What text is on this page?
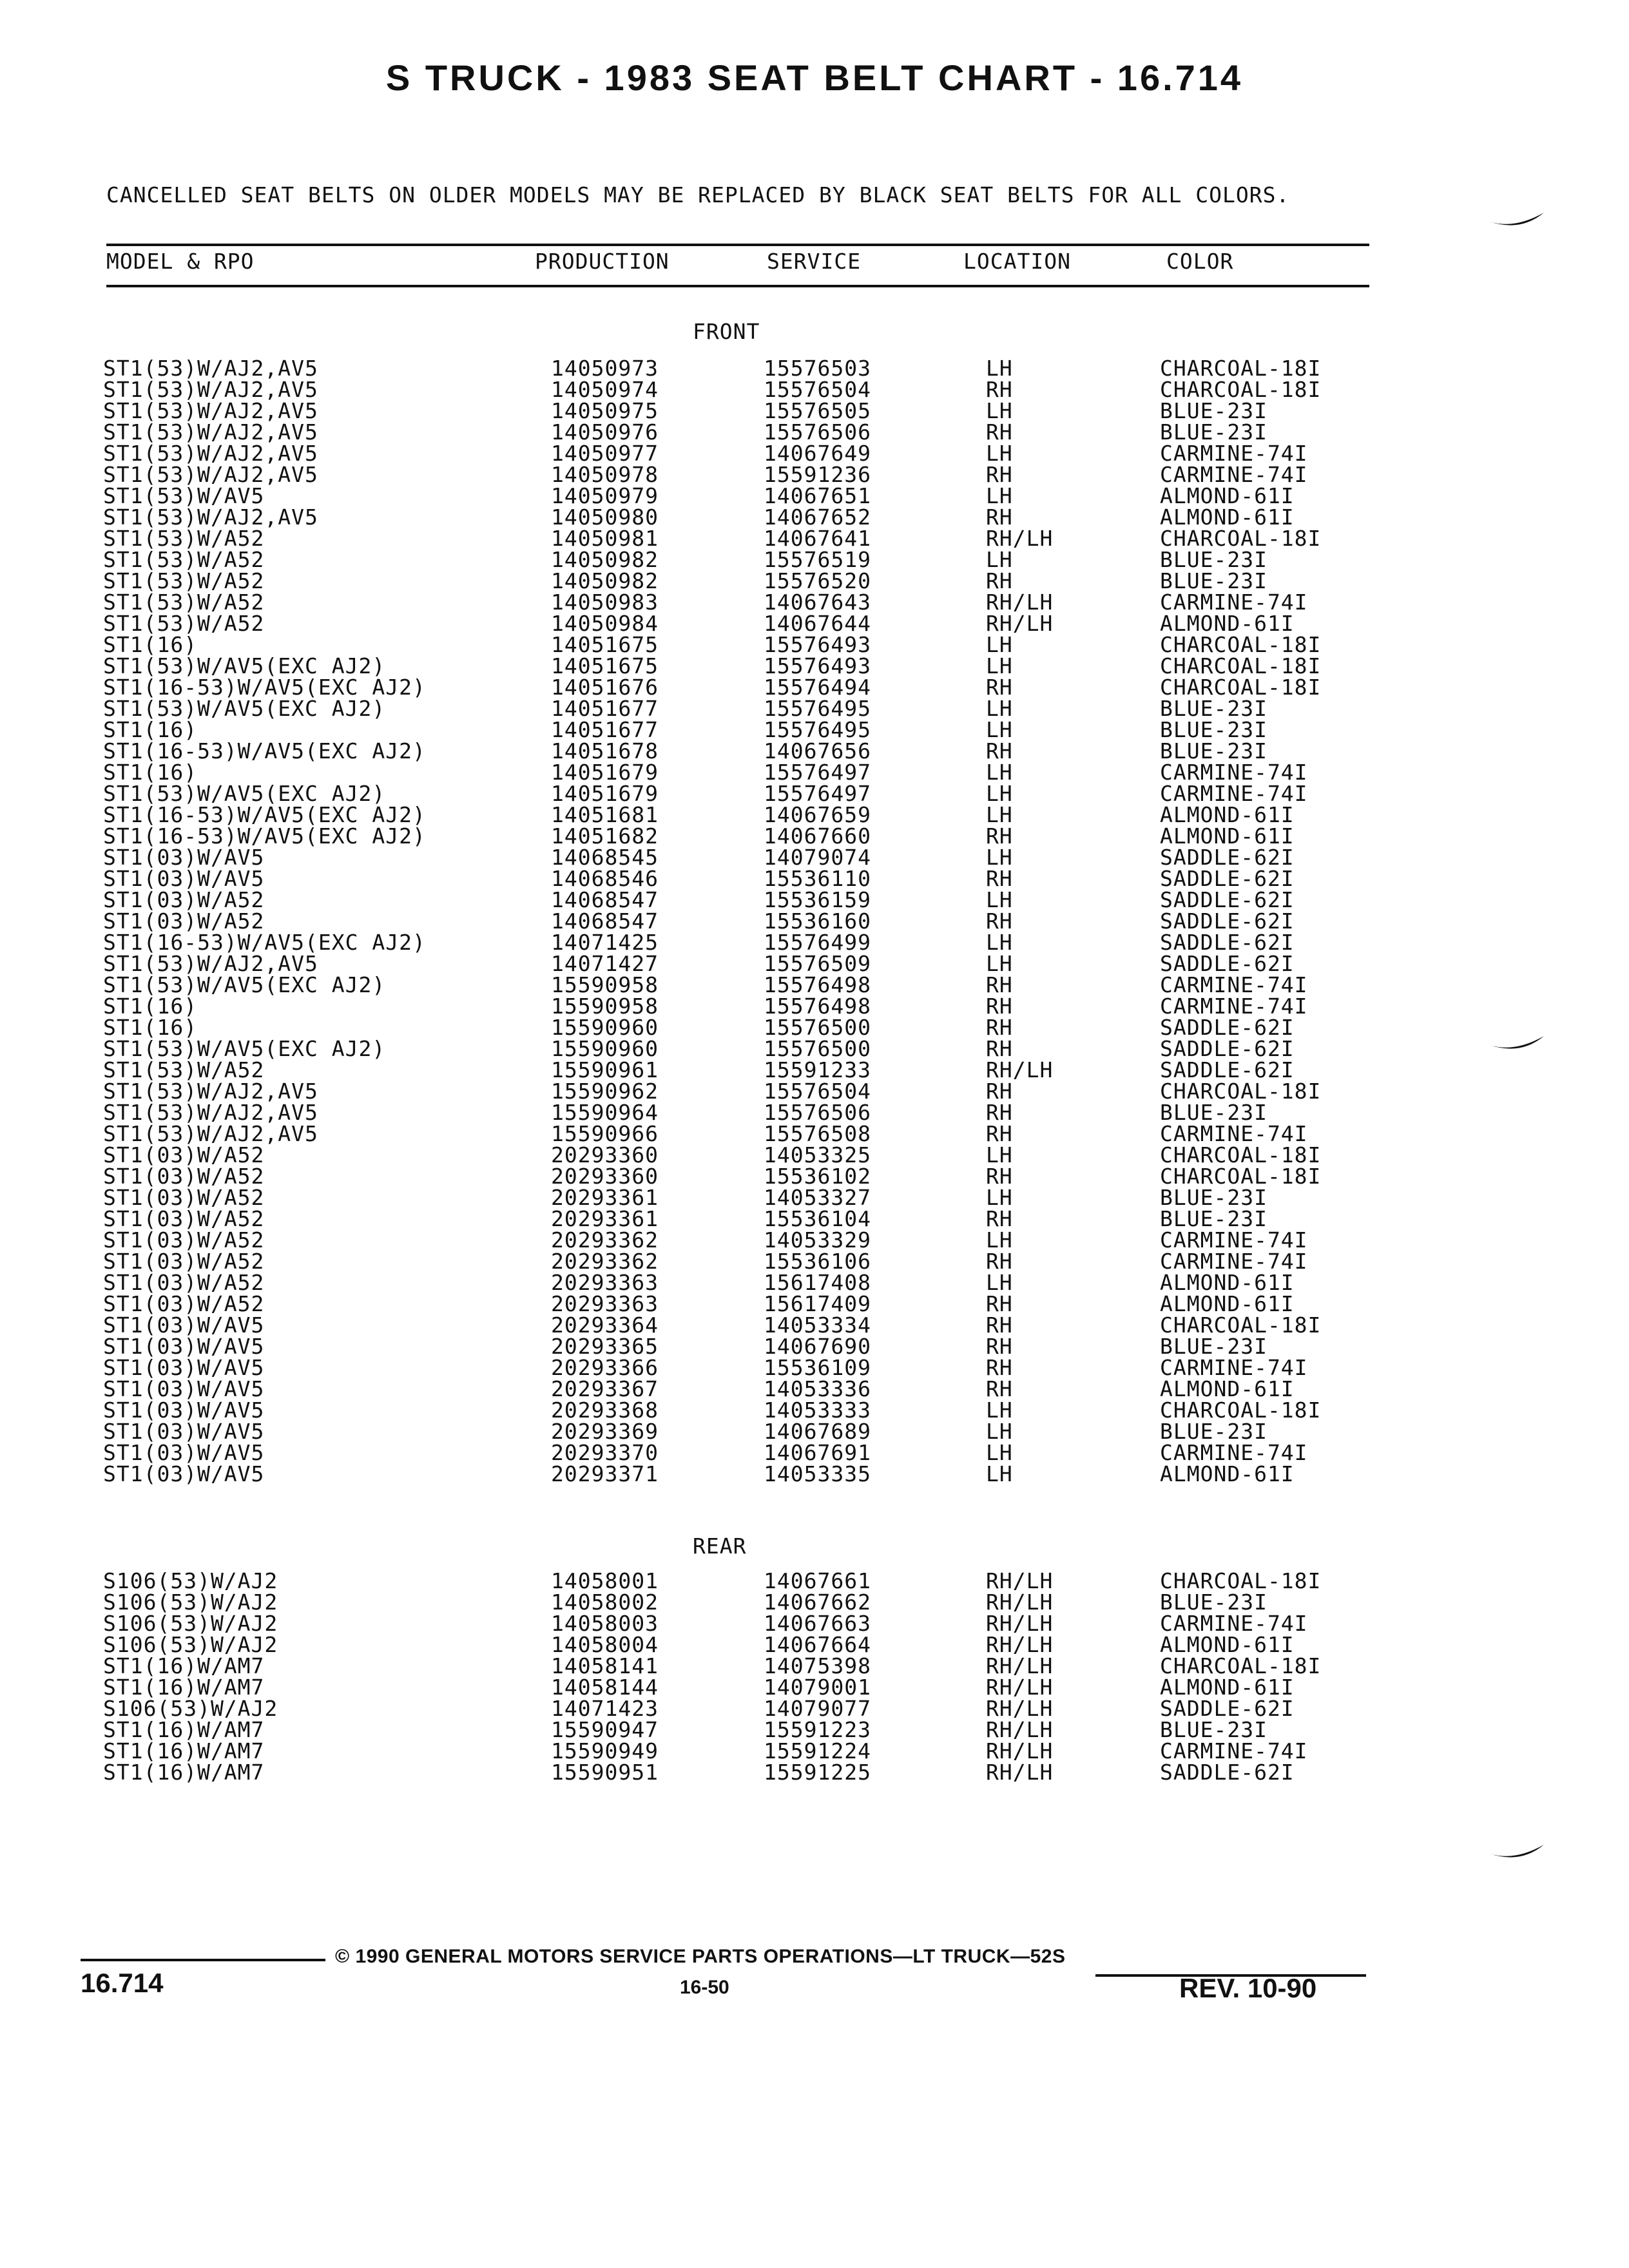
S TRUCK - 1983 SEAT BELT CHART - 16.714
CANCELLED SEAT BELTS ON OLDER MODELS MAY BE REPLACED BY BLACK SEAT BELTS FOR ALL COLORS.
MODEL & RPO	PRODUCTION	SERVICE	LOCATION	COLOR
FRONT
ST1(53)W/AJ2,AV5	14050973	15576503	LH	CHARCOAL-18I
ST1(53)W/AJ2,AV5	14050974	15576504	RH	CHARCOAL-18I
ST1(53)W/AJ2,AV5	14050975	15576505	LH	BLUE-23I
ST1(53)W/AJ2,AV5	14050976	15576506	RH	BLUE-23I
ST1(53)W/AJ2,AV5	14050977	14067649	LH	CARMINE-74I
ST1(53)W/AJ2,AV5	14050978	15591236	RH	CARMINE-74I
ST1(53)W/AV5	14050979	14067651	LH	ALMOND-61I
ST1(53)W/AJ2,AV5	14050980	14067652	RH	ALMOND-61I
ST1(53)W/A52	14050981	14067641	RH/LH	CHARCOAL-18I
ST1(53)W/A52	14050982	15576519	LH	BLUE-23I
ST1(53)W/A52	14050982	15576520	RH	BLUE-23I
ST1(53)W/A52	14050983	14067643	RH/LH	CARMINE-74I
ST1(53)W/A52	14050984	14067644	RH/LH	ALMOND-61I
ST1(16)	14051675	15576493	LH	CHARCOAL-18I
ST1(53)W/AV5(EXC AJ2)	14051675	15576493	LH	CHARCOAL-18I
ST1(16-53)W/AV5(EXC AJ2)	14051676	15576494	RH	CHARCOAL-18I
ST1(53)W/AV5(EXC AJ2)	14051677	15576495	LH	BLUE-23I
ST1(16)	14051677	15576495	LH	BLUE-23I
ST1(16-53)W/AV5(EXC AJ2)	14051678	14067656	RH	BLUE-23I
ST1(16)	14051679	15576497	LH	CARMINE-74I
ST1(53)W/AV5(EXC AJ2)	14051679	15576497	LH	CARMINE-74I
ST1(16-53)W/AV5(EXC AJ2)	14051681	14067659	LH	ALMOND-61I
ST1(16-53)W/AV5(EXC AJ2)	14051682	14067660	RH	ALMOND-61I
ST1(03)W/AV5	14068545	14079074	LH	SADDLE-62I
ST1(03)W/AV5	14068546	15536110	RH	SADDLE-62I
ST1(03)W/A52	14068547	15536159	LH	SADDLE-62I
ST1(03)W/A52	14068547	15536160	RH	SADDLE-62I
ST1(16-53)W/AV5(EXC AJ2)	14071425	15576499	LH	SADDLE-62I
ST1(53)W/AJ2,AV5	14071427	15576509	LH	SADDLE-62I
ST1(53)W/AV5(EXC AJ2)	15590958	15576498	RH	CARMINE-74I
ST1(16)	15590958	15576498	RH	CARMINE-74I
ST1(16)	15590960	15576500	RH	SADDLE-62I
ST1(53)W/AV5(EXC AJ2)	15590960	15576500	RH	SADDLE-62I
ST1(53)W/A52	15590961	15591233	RH/LH	SADDLE-62I
ST1(53)W/AJ2,AV5	15590962	15576504	RH	CHARCOAL-18I
ST1(53)W/AJ2,AV5	15590964	15576506	RH	BLUE-23I
ST1(53)W/AJ2,AV5	15590966	15576508	RH	CARMINE-74I
ST1(03)W/A52	20293360	14053325	LH	CHARCOAL-18I
ST1(03)W/A52	20293360	15536102	RH	CHARCOAL-18I
ST1(03)W/A52	20293361	14053327	LH	BLUE-23I
ST1(03)W/A52	20293361	15536104	RH	BLUE-23I
ST1(03)W/A52	20293362	14053329	LH	CARMINE-74I
ST1(03)W/A52	20293362	15536106	RH	CARMINE-74I
ST1(03)W/A52	20293363	15617408	LH	ALMOND-61I
ST1(03)W/A52	20293363	15617409	RH	ALMOND-61I
ST1(03)W/AV5	20293364	14053334	RH	CHARCOAL-18I
ST1(03)W/AV5	20293365	14067690	RH	BLUE-23I
ST1(03)W/AV5	20293366	15536109	RH	CARMINE-74I
ST1(03)W/AV5	20293367	14053336	RH	ALMOND-61I
ST1(03)W/AV5	20293368	14053333	LH	CHARCOAL-18I
ST1(03)W/AV5	20293369	14067689	LH	BLUE-23I
ST1(03)W/AV5	20293370	14067691	LH	CARMINE-74I
ST1(03)W/AV5	20293371	14053335	LH	ALMOND-61I
REAR
S106(53)W/AJ2	14058001	14067661	RH/LH	CHARCOAL-18I
S106(53)W/AJ2	14058002	14067662	RH/LH	BLUE-23I
S106(53)W/AJ2	14058003	14067663	RH/LH	CARMINE-74I
S106(53)W/AJ2	14058004	14067664	RH/LH	ALMOND-61I
ST1(16)W/AM7	14058141	14075398	RH/LH	CHARCOAL-18I
ST1(16)W/AM7	14058144	14079001	RH/LH	ALMOND-61I
S106(53)W/AJ2	14071423	14079077	RH/LH	SADDLE-62I
ST1(16)W/AM7	15590947	15591223	RH/LH	BLUE-23I
ST1(16)W/AM7	15590949	15591224	RH/LH	CARMINE-74I
ST1(16)W/AM7	15590951	15591225	RH/LH	SADDLE-62I
© 1990 GENERAL MOTORS SERVICE PARTS OPERATIONS—LT TRUCK—52S
16.714	16-50	REV. 10-90
